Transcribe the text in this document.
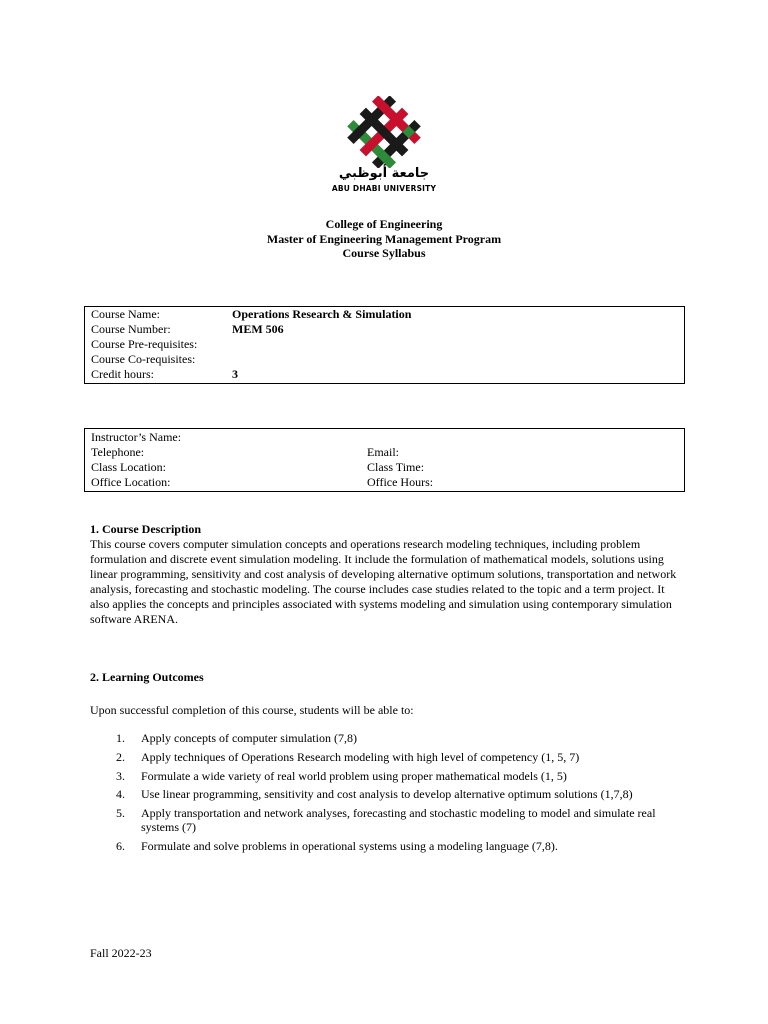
جامعة أبوظبي
ABU DHABI UNIVERSITY
College of Engineering
Master of Engineering Management Program
Course Syllabus
Course Name:	Operations Research & Simulation
Course Number:	MEM 506
Course Pre-requisites:
Course Co-requisites:
Credit hours:	3
Instructor’s Name:
Telephone:	Email:
Class Location:	Class Time:
Office Location:	Office Hours:
1. Course Description
This course covers computer simulation concepts and operations research modeling techniques, including problem formulation and discrete event simulation modeling. It include the formulation of mathematical models, solutions using linear programming, sensitivity and cost analysis of developing alternative optimum solutions, transportation and network analysis, forecasting and stochastic modeling. The course includes case studies related to the topic and a term project. It also applies the concepts and principles associated with systems modeling and simulation using contemporary simulation software ARENA.
2. Learning Outcomes
Upon successful completion of this course, students will be able to:
1. Apply concepts of computer simulation (7,8)
2. Apply techniques of Operations Research modeling with high level of competency (1, 5, 7)
3. Formulate a wide variety of real world problem using proper mathematical models (1, 5)
4. Use linear programming, sensitivity and cost analysis to develop alternative optimum solutions (1,7,8)
5. Apply transportation and network analyses, forecasting and stochastic modeling to model and simulate real systems (7)
6. Formulate and solve problems in operational systems using a modeling language (7,8).
Fall 2022-23
